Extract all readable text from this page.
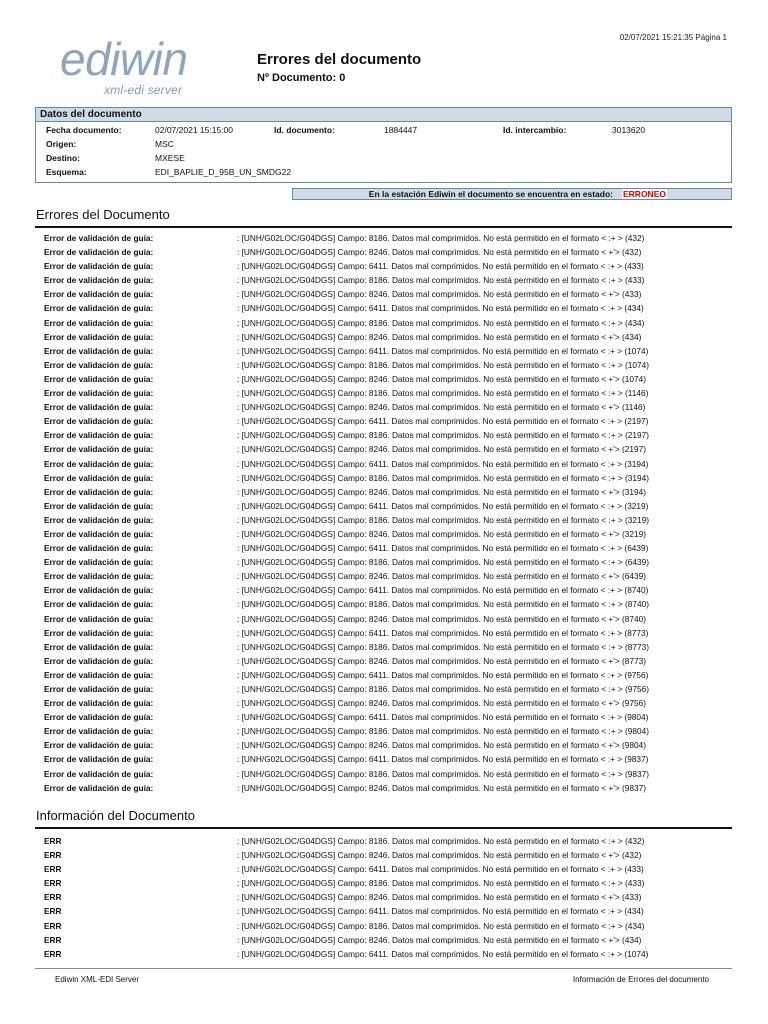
02/07/2021 15:21:35 Página 1
ediwin
xml-edi server
Errores del documento
Nº Documento: 0
Datos del documento
Fecha documento:	02/07/2021 15:15:00	Id. documento:	1884447	Id. intercambio:	3013620
Origen:	MSC
Destino:	MXESE
Esquema:	EDI_BAPLIE_D_95B_UN_SMDG22
En la estación Ediwin el documento se encuentra en estado: ERRONEO
Errores del Documento
Error de validación de guía:	: [UNH/G02LOC/G04DGS] Campo: 8186. Datos mal comprimidos. No está permitido en el formato < :+ > (432)
Error de validación de guía:	: [UNH/G02LOC/G04DGS] Campo: 8246. Datos mal comprimidos. No está permitido en el formato < +'> (432)
Error de validación de guía:	: [UNH/G02LOC/G04DGS] Campo: 6411. Datos mal comprimidos. No está permitido en el formato < :+ > (433)
Error de validación de guía:	: [UNH/G02LOC/G04DGS] Campo: 8186. Datos mal comprimidos. No está permitido en el formato < :+ > (433)
Error de validación de guía:	: [UNH/G02LOC/G04DGS] Campo: 8246. Datos mal comprimidos. No está permitido en el formato < +'> (433)
Error de validación de guía:	: [UNH/G02LOC/G04DGS] Campo: 6411. Datos mal comprimidos. No está permitido en el formato < :+ > (434)
Error de validación de guía:	: [UNH/G02LOC/G04DGS] Campo: 8186. Datos mal comprimidos. No está permitido en el formato < :+ > (434)
Error de validación de guía:	: [UNH/G02LOC/G04DGS] Campo: 8246. Datos mal comprimidos. No está permitido en el formato < +'> (434)
Error de validación de guía:	: [UNH/G02LOC/G04DGS] Campo: 6411. Datos mal comprimidos. No está permitido en el formato < :+ > (1074)
Error de validación de guía:	: [UNH/G02LOC/G04DGS] Campo: 8186. Datos mal comprimidos. No está permitido en el formato < :+ > (1074)
Error de validación de guía:	: [UNH/G02LOC/G04DGS] Campo: 8246. Datos mal comprimidos. No está permitido en el formato < +'> (1074)
Error de validación de guía:	: [UNH/G02LOC/G04DGS] Campo: 8186. Datos mal comprimidos. No está permitido en el formato < :+ > (1146)
Error de validación de guía:	: [UNH/G02LOC/G04DGS] Campo: 8246. Datos mal comprimidos. No está permitido en el formato < +'> (1146)
Error de validación de guía:	: [UNH/G02LOC/G04DGS] Campo: 6411. Datos mal comprimidos. No está permitido en el formato < :+ > (2197)
Error de validación de guía:	: [UNH/G02LOC/G04DGS] Campo: 8186. Datos mal comprimidos. No está permitido en el formato < :+ > (2197)
Error de validación de guía:	: [UNH/G02LOC/G04DGS] Campo: 8246. Datos mal comprimidos. No está permitido en el formato < +'> (2197)
Error de validación de guía:	: [UNH/G02LOC/G04DGS] Campo: 6411. Datos mal comprimidos. No está permitido en el formato < :+ > (3194)
Error de validación de guía:	: [UNH/G02LOC/G04DGS] Campo: 8186. Datos mal comprimidos. No está permitido en el formato < :+ > (3194)
Error de validación de guía:	: [UNH/G02LOC/G04DGS] Campo: 8246. Datos mal comprimidos. No está permitido en el formato < +'> (3194)
Error de validación de guía:	: [UNH/G02LOC/G04DGS] Campo: 6411. Datos mal comprimidos. No está permitido en el formato < :+ > (3219)
Error de validación de guía:	: [UNH/G02LOC/G04DGS] Campo: 8186. Datos mal comprimidos. No está permitido en el formato < :+ > (3219)
Error de validación de guía:	: [UNH/G02LOC/G04DGS] Campo: 8246. Datos mal comprimidos. No está permitido en el formato < +'> (3219)
Error de validación de guía:	: [UNH/G02LOC/G04DGS] Campo: 6411. Datos mal comprimidos. No está permitido en el formato < :+ > (6439)
Error de validación de guía:	: [UNH/G02LOC/G04DGS] Campo: 8186. Datos mal comprimidos. No está permitido en el formato < :+ > (6439)
Error de validación de guía:	: [UNH/G02LOC/G04DGS] Campo: 8246. Datos mal comprimidos. No está permitido en el formato < +'> (6439)
Error de validación de guía:	: [UNH/G02LOC/G04DGS] Campo: 6411. Datos mal comprimidos. No está permitido en el formato < :+ > (8740)
Error de validación de guía:	: [UNH/G02LOC/G04DGS] Campo: 8186. Datos mal comprimidos. No está permitido en el formato < :+ > (8740)
Error de validación de guía:	: [UNH/G02LOC/G04DGS] Campo: 8246. Datos mal comprimidos. No está permitido en el formato < +'> (8740)
Error de validación de guía:	: [UNH/G02LOC/G04DGS] Campo: 6411. Datos mal comprimidos. No está permitido en el formato < :+ > (8773)
Error de validación de guía:	: [UNH/G02LOC/G04DGS] Campo: 8186. Datos mal comprimidos. No está permitido en el formato < :+ > (8773)
Error de validación de guía:	: [UNH/G02LOC/G04DGS] Campo: 8246. Datos mal comprimidos. No está permitido en el formato < +'> (8773)
Error de validación de guía:	: [UNH/G02LOC/G04DGS] Campo: 6411. Datos mal comprimidos. No está permitido en el formato < :+ > (9756)
Error de validación de guía:	: [UNH/G02LOC/G04DGS] Campo: 8186. Datos mal comprimidos. No está permitido en el formato < :+ > (9756)
Error de validación de guía:	: [UNH/G02LOC/G04DGS] Campo: 8246. Datos mal comprimidos. No está permitido en el formato < +'> (9756)
Error de validación de guía:	: [UNH/G02LOC/G04DGS] Campo: 6411. Datos mal comprimidos. No está permitido en el formato < :+ > (9804)
Error de validación de guía:	: [UNH/G02LOC/G04DGS] Campo: 8186. Datos mal comprimidos. No está permitido en el formato < :+ > (9804)
Error de validación de guía:	: [UNH/G02LOC/G04DGS] Campo: 8246. Datos mal comprimidos. No está permitido en el formato < +'> (9804)
Error de validación de guía:	: [UNH/G02LOC/G04DGS] Campo: 6411. Datos mal comprimidos. No está permitido en el formato < :+ > (9837)
Error de validación de guía:	: [UNH/G02LOC/G04DGS] Campo: 8186. Datos mal comprimidos. No está permitido en el formato < :+ > (9837)
Error de validación de guía:	: [UNH/G02LOC/G04DGS] Campo: 8246. Datos mal comprimidos. No está permitido en el formato < +'> (9837)
Información del Documento
ERR	: [UNH/G02LOC/G04DGS] Campo: 8186. Datos mal comprimidos. No está permitido en el formato < :+ > (432)
ERR	: [UNH/G02LOC/G04DGS] Campo: 8246. Datos mal comprimidos. No está permitido en el formato < +'> (432)
ERR	: [UNH/G02LOC/G04DGS] Campo: 6411. Datos mal comprimidos. No está permitido en el formato < :+ > (433)
ERR	: [UNH/G02LOC/G04DGS] Campo: 8186. Datos mal comprimidos. No está permitido en el formato < :+ > (433)
ERR	: [UNH/G02LOC/G04DGS] Campo: 8246. Datos mal comprimidos. No está permitido en el formato < +'> (433)
ERR	: [UNH/G02LOC/G04DGS] Campo: 6411. Datos mal comprimidos. No está permitido en el formato < :+ > (434)
ERR	: [UNH/G02LOC/G04DGS] Campo: 8186. Datos mal comprimidos. No está permitido en el formato < :+ > (434)
ERR	: [UNH/G02LOC/G04DGS] Campo: 8246. Datos mal comprimidos. No está permitido en el formato < +'> (434)
ERR	: [UNH/G02LOC/G04DGS] Campo: 6411. Datos mal comprimidos. No está permitido en el formato < :+ > (1074)
Ediwin XML-EDI Server	Información de Errores del documento
